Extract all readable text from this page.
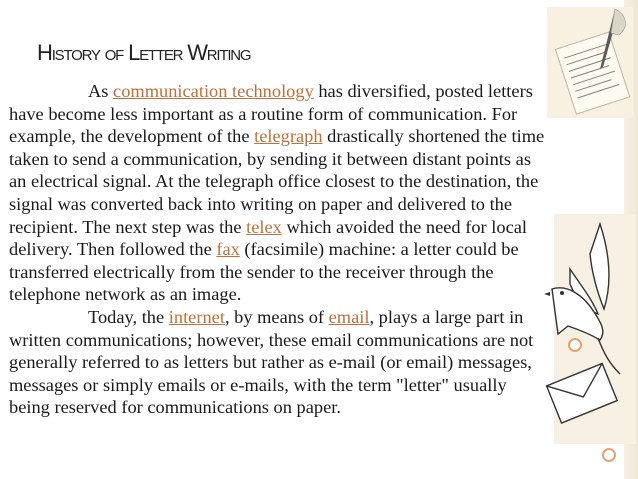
History of Letter Writing

As communication technology has diversified, posted letters have become less important as a routine form of communication. For example, the development of the telegraph drastically shortened the time taken to send a communication, by sending it between distant points as an electrical signal. At the telegraph office closest to the destination, the signal was converted back into writing on paper and delivered to the recipient. The next step was the telex which avoided the need for local delivery. Then followed the fax (facsimile) machine: a letter could be transferred electrically from the sender to the receiver through the telephone network as an image.

Today, the internet, by means of email, plays a large part in written communications; however, these email communications are not generally referred to as letters but rather as e-mail (or email) messages, messages or simply emails or e-mails, with the term "letter" usually being reserved for communications on paper.
